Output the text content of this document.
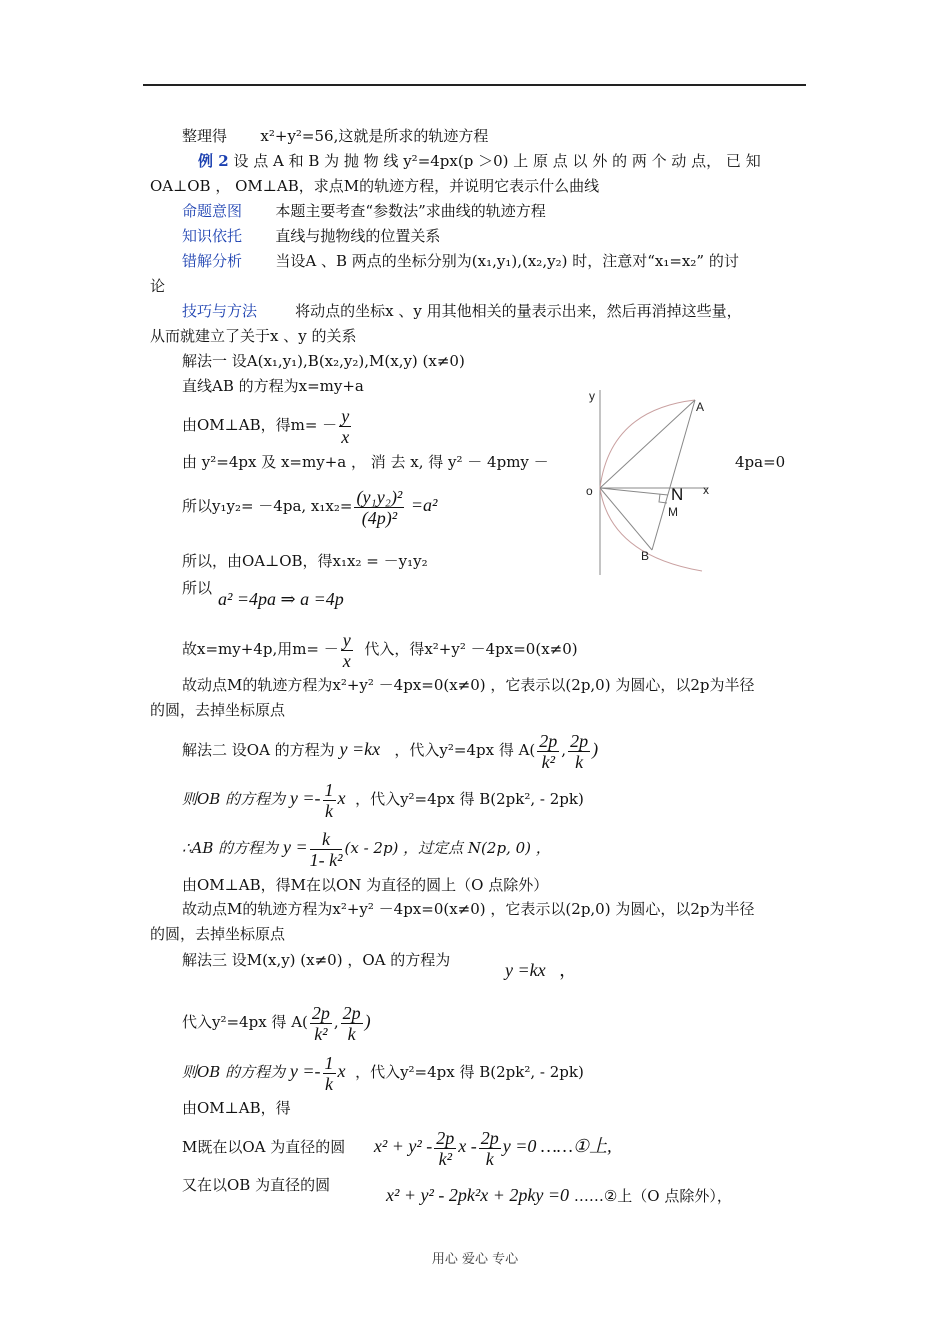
整理得 x²+y²=56,这就是所求的轨迹方程
例 2 设 点 A 和 B 为 抛 物 线 y²=4px(p ＞0) 上 原 点 以 外 的 两 个 动 点， 已 知
OA⊥OB ， OM⊥AB，求点M的轨迹方程，并说明它表示什么曲线
命题意图 本题主要考查“参数法”求曲线的轨迹方程
知识依托 直线与抛物线的位置关系
错解分析 当设A 、B 两点的坐标分别为(x₁,y₁),(x₂,y₂) 时，注意对“x₁=x₂” 的讨
论
技巧与方法	将动点的坐标x 、y 用其他相关的量表示出来，然后再消掉这些量，
从而就建立了关于x 、y 的关系
解法一 设A(x₁,y₁),B(x₂,y₂),M(x,y) (x≠0)
直线AB 的方程为x=my+a
由OM⊥AB，得$m= - \frac{y}{x}$
由 y²=4px 及 x=my+a ， 消 去 x, 得 y² － 4pmy －	4pa=0
所以y₁y₂= －4pa, $x_1x_2= \frac{\text{(y₁y₂)²}}{\text{(4p)²}} =a^2$
所以，由OA⊥OB，得x₁x₂ = －y₁y₂
所以
a² =4pa ⇒ a =4p
故x=my+4p,用$m= - \frac{y}{x}$ 代入，得x²+y² －4px=0(x≠0)
故动点M的轨迹方程为x²+y² －4px=0(x≠0) ，它表示以(2p,0) 为圆心，以2p为半径
的圆，去掉坐标原点
解法二 设OA 的方程为 y =kx ，代入y²=4px 得 $A( \frac{2p}{\text{k²}}$ , $\frac{2p}{k}$ )
则OB 的方程为 $y =- \frac{1}{k}$ x ，代入y²=4px 得 B(2pk², - 2pk)
∴AB 的方程为 $y = \frac{k}{\text{1- k²}} (x - 2p)$ ，过定点 N(2p, 0) ，
由OM⊥AB，得M在以ON 为直径的圆上（O 点除外）
故动点M的轨迹方程为x²+y² －4px=0(x≠0) ，它表示以(2p,0) 为圆心，以2p为半径
的圆，去掉坐标原点
解法三 设M(x,y) (x≠0) ，OA 的方程为	y =kx ，
代入y²=4px 得 $A( \frac{2p}{\text{k²}}$ , $\frac{2p}{k}$ )
则OB 的方程为 $y =- \frac{1}{k}$ x ，代入y²=4px 得 B(2pk², - 2pk)
由OM⊥AB，得
M既在以OA 为直径的圆 $x^2 + y^2 - \frac{2p}{\text{k²}}$ x - $\frac{2p}{k}$ y =0 ……①上,
又在以OB 为直径的圆	x² + y² - 2pk²x + 2pky =0 ……②上（O 点除外），
y
x
o
A
B
N
M
用心 爱心 专心
